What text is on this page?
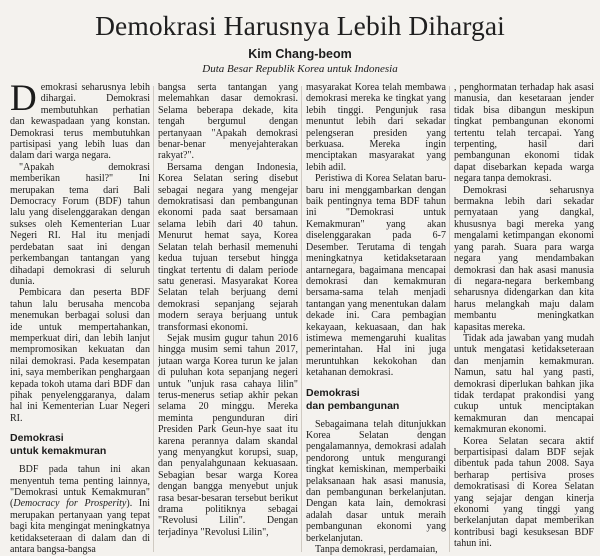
Demokrasi Harusnya Lebih Dihargai
Kim Chang-beom
Duta Besar Republik Korea untuk Indonesia

Demokrasi seharusnya lebih dihargai. Demokrasi membutuhkan perhatian dan kewaspadaan yang konstan. Demokrasi terus membutuhkan partisipasi yang lebih luas dan dalam dari warga negara.

"Apakah demokrasi memberikan hasil?" Ini merupakan tema dari Bali Democracy Forum (BDF) tahun lalu yang diselenggarakan dengan sukses oleh Kementerian Luar Negeri RI. Hal itu menjadi perdebatan saat ini dengan perkembangan tantangan yang dihadapi demokrasi di seluruh dunia.

Pembicara dan peserta BDF tahun lalu berusaha mencoba menemukan berbagai solusi dan ide untuk mempertahankan, memperkuat diri, dan lebih lanjut mempromosikan kekuatan dan nilai demokrasi. Pada kesempatan ini, saya memberikan penghargaan kepada tokoh utama dari BDF dan pihak penyelenggaranya, dalam hal ini Kementerian Luar Negeri RI.

Demokrasi
untuk kemakmuran

BDF pada tahun ini akan menyentuh tema penting lainnya, "Demokrasi untuk Kemakmuran" (Democracy for Prosperity). Ini merupakan pertanyaan yang tepat bagi kita mengingat meningkatnya ketidakseteraan di dalam dan di antara bangsa-bangsa

bangsa serta tantangan yang melemahkan dasar demokrasi. Selama beberapa dekade, kita tengah bergumul dengan pertanyaan "Apakah demokrasi benar-benar menyejahterakan rakyat?".

Bersama dengan Indonesia, Korea Selatan sering disebut sebagai negara yang mengejar demokratisasi dan pembangunan ekonomi pada saat bersamaan selama lebih dari 40 tahun. Menurut hemat saya, Korea Selatan telah berhasil memenuhi kedua tujuan tersebut hingga tingkat tertentu di dalam periode satu generasi. Masyarakat Korea Selatan telah berjuang demi demokrasi sepanjang sejarah modern seraya berjuang untuk transformasi ekonomi.

Sejak musim gugur tahun 2016 hingga musim semi tahun 2017, jutaan warga Korea turun ke jalan di puluhan kota sepanjang negeri untuk "unjuk rasa cahaya lilin" terus-menerus setiap akhir pekan selama 20 minggu. Mereka meminta pengunduran diri Presiden Park Geun-hye saat itu karena perannya dalam skandal yang menyangkut korupsi, suap, dan penyalahgunaan kekuasaan. Sebagian besar warga Korea dengan bangga menyebut unjuk rasa besar-besaran tersebut berikut drama politiknya sebagai "Revolusi Lilin". Dengan terjadinya "Revolusi Lilin",

masyarakat Korea telah membawa demokrasi mereka ke tingkat yang lebih tinggi. Pengunjuk rasa menuntut lebih dari sekadar pelengseran presiden yang berkuasa. Mereka ingin menciptakan masyarakat yang lebih adil.

Peristiwa di Korea Selatan baru-baru ini menggambarkan dengan baik pentingnya tema BDF tahun ini "Demokrasi untuk Kemakmuran" yang akan diselenggarakan pada 6-7 Desember. Terutama di tengah meningkatnya ketidaksetaraan antarnegara, bagaimana mencapai demokrasi dan kemakmuran bersama-sama telah menjadi tantangan yang menentukan dalam dekade ini. Cara pembagian kekayaan, kekuasaan, dan hak istimewa memengaruhi kualitas pemerintahan. Hal ini juga meruntuhkan kekokohan dan ketahanan demokrasi.

Demokrasi
dan pembangunan

Sebagaimana telah ditunjukkan Korea Selatan dengan pengalamannya, demokrasi adalah pendorong untuk mengurangi tingkat kemiskinan, memperbaiki pelaksanaan hak asasi manusia, dan pembangunan berkelanjutan. Dengan kata lain, demokrasi adalah dasar untuk meraih pembangunan ekonomi yang berkelanjutan.

Tanpa demokrasi, perdamaian,

, penghormatan terhadap hak asasi manusia, dan kesetaraan jender tidak bisa dibangun meskipun tingkat pembangunan ekonomi tertentu telah tercapai. Yang terpenting, hasil dari pembangunan ekonomi tidak dapat disebarkan kepada warga negara tanpa demokrasi.

Demokrasi seharusnya bermakna lebih dari sekadar pernyataan yang dangkal, khususnya bagi mereka yang mengalami ketimpangan ekonomi yang parah. Suara para warga negara yang mendambakan demokrasi dan hak asasi manusia di negara-negara berkembang seharusnya didengarkan dan kita harus melangkah maju dalam membantu meningkatkan kapasitas mereka.

Tidak ada jawaban yang mudah untuk mengatasi ketidakseteraan dan menjamin kemakmuran. Namun, satu hal yang pasti, demokrasi diperlukan bahkan jika tidak terdapat prakondisi yang cukup untuk menciptakan kemakmuran dan mencapai kemakmuran ekonomi.

Korea Selatan secara aktif berpartisipasi dalam BDF sejak dibentuk pada tahun 2008. Saya berharap pertisiva proses demokratisasi di Korea Selatan yang sejajar dengan kinerja ekonomi yang tinggi yang berkelanjutan dapat memberikan kontribusi bagi kesuksesan BDF tahun ini.
